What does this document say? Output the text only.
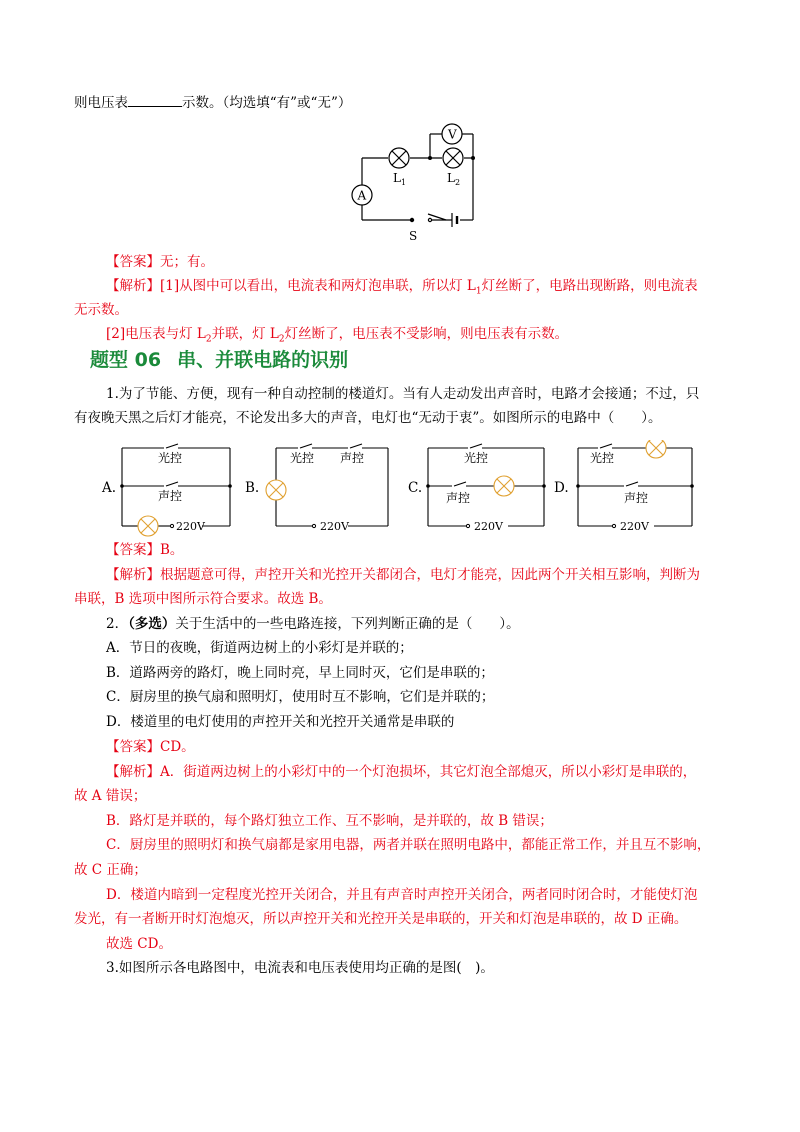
则电压表	示数。（均选填“有”或“无”）
V
A
L 1	L 2
S
【答案】无；有。
【解析】[1]从图中可以看出，电流表和两灯泡串联，所以灯 $L_1$灯丝断了，电路出现断路，则电流表
无示数。
[2]电压表与灯 $L_2$并联，灯 $L_2$灯丝断了，电压表不受影响，则电压表有示数。
题型 06 串、并联电路的识别
1.为了节能、方便，现有一种自动控制的楼道灯。当有人走动发出声音时，电路才会接通；不过，只
有夜晚天黑之后灯才能亮，不论发出多大的声音，电灯也“无动于衷”。如图所示的电路中（　　）。
A.	B.	C.	D.
光控
声控
220V
光控 声控
220V
光控
声控
220V
光控
声控
220V
【答案】B。
【解析】根据题意可得，声控开关和光控开关都闭合，电灯才能亮，因此两个开关相互影响，判断为
串联，B 选项中图所示符合要求。故选 B。
2．（多选）关于生活中的一些电路连接，下列判断正确的是（　　）。
A．节日的夜晚，街道两边树上的小彩灯是并联的；
B．道路两旁的路灯，晚上同时亮，早上同时灭，它们是串联的；
C．厨房里的换气扇和照明灯，使用时互不影响，它们是并联的；
D．楼道里的电灯使用的声控开关和光控开关通常是串联的
【答案】CD。
【解析】A．街道两边树上的小彩灯中的一个灯泡损坏，其它灯泡全部熄灭，所以小彩灯是串联的，
故 A 错误；
B．路灯是并联的，每个路灯独立工作、互不影响，是并联的，故 B 错误；
C．厨房里的照明灯和换气扇都是家用电器，两者并联在照明电路中，都能正常工作，并且互不影响，
故 C 正确；
D．楼道内暗到一定程度光控开关闭合，并且有声音时声控开关闭合，两者同时闭合时，才能使灯泡
发光，有一者断开时灯泡熄灭，所以声控开关和光控开关是串联的，开关和灯泡是串联的，故 D 正确。
故选 CD。
3.如图所示各电路图中，电流表和电压表使用均正确的是图(　)。
